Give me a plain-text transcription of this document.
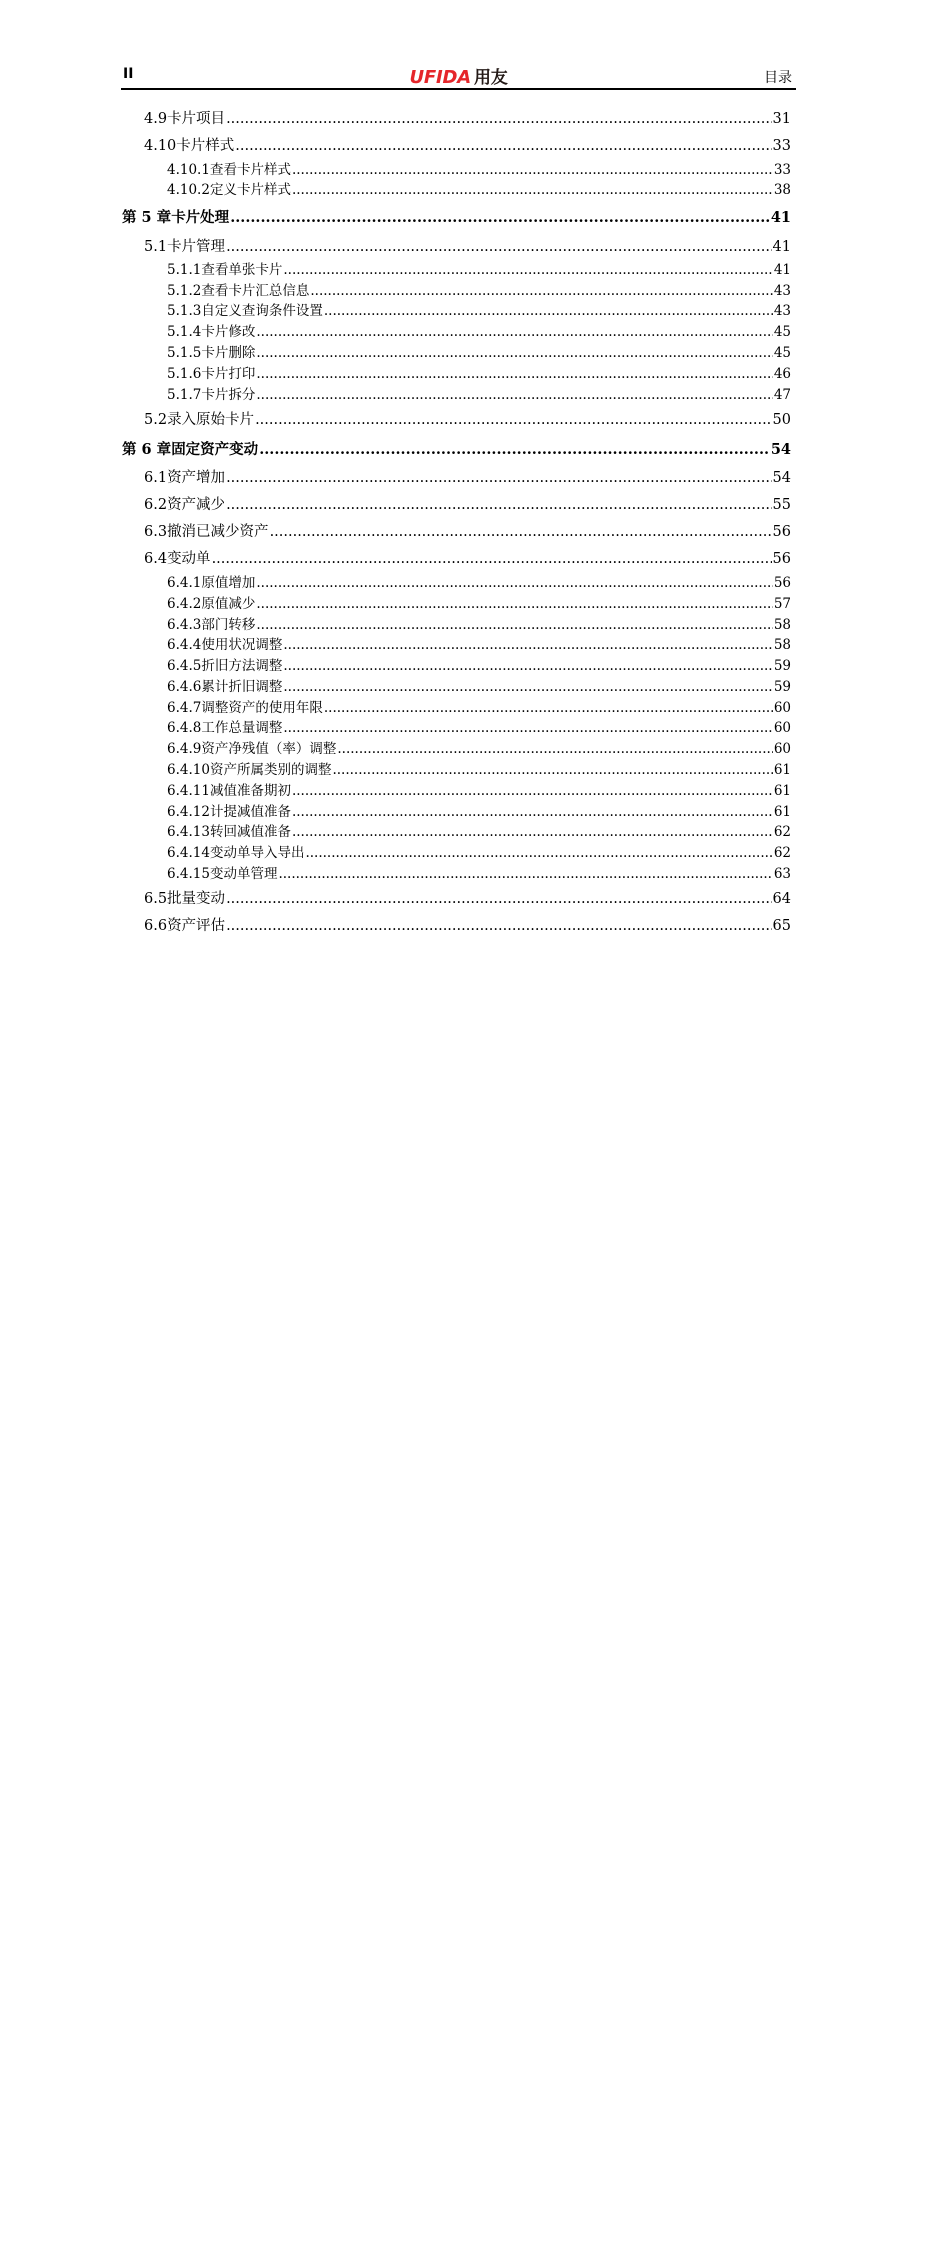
II	UFIDA 用友	目录
4.9 卡片项目 .....	31
4.10 卡片样式 .....	33
4.10.1 查看卡片样式 .....	33
4.10.2 定义卡片样式 .....	38
第 5 章 卡片处理 .....	41
5.1 卡片管理 .....	41
5.1.1 查看单张卡片 .....	41
5.1.2 查看卡片汇总信息 .....	43
5.1.3 自定义查询条件设置 .....	43
5.1.4 卡片修改 .....	45
5.1.5 卡片删除 .....	45
5.1.6 卡片打印 .....	46
5.1.7 卡片拆分 .....	47
5.2 录入原始卡片 .....	50
第 6 章 固定资产变动 .....	54
6.1 资产增加 .....	54
6.2 资产减少 .....	55
6.3 撤消已减少资产 .....	56
6.4 变动单 .....	56
6.4.1 原值增加 .....	56
6.4.2 原值减少 .....	57
6.4.3 部门转移 .....	58
6.4.4 使用状况调整 .....	58
6.4.5 折旧方法调整 .....	59
6.4.6 累计折旧调整 .....	59
6.4.7 调整资产的使用年限 .....	60
6.4.8 工作总量调整 .....	60
6.4.9 资产净残值（率）调整 .....	60
6.4.10 资产所属类别的调整 .....	61
6.4.11 减值准备期初 .....	61
6.4.12 计提减值准备 .....	61
6.4.13 转回减值准备 .....	62
6.4.14 变动单导入导出 .....	62
6.4.15 变动单管理 .....	63
6.5 批量变动 .....	64
6.6 资产评估 .....	65
